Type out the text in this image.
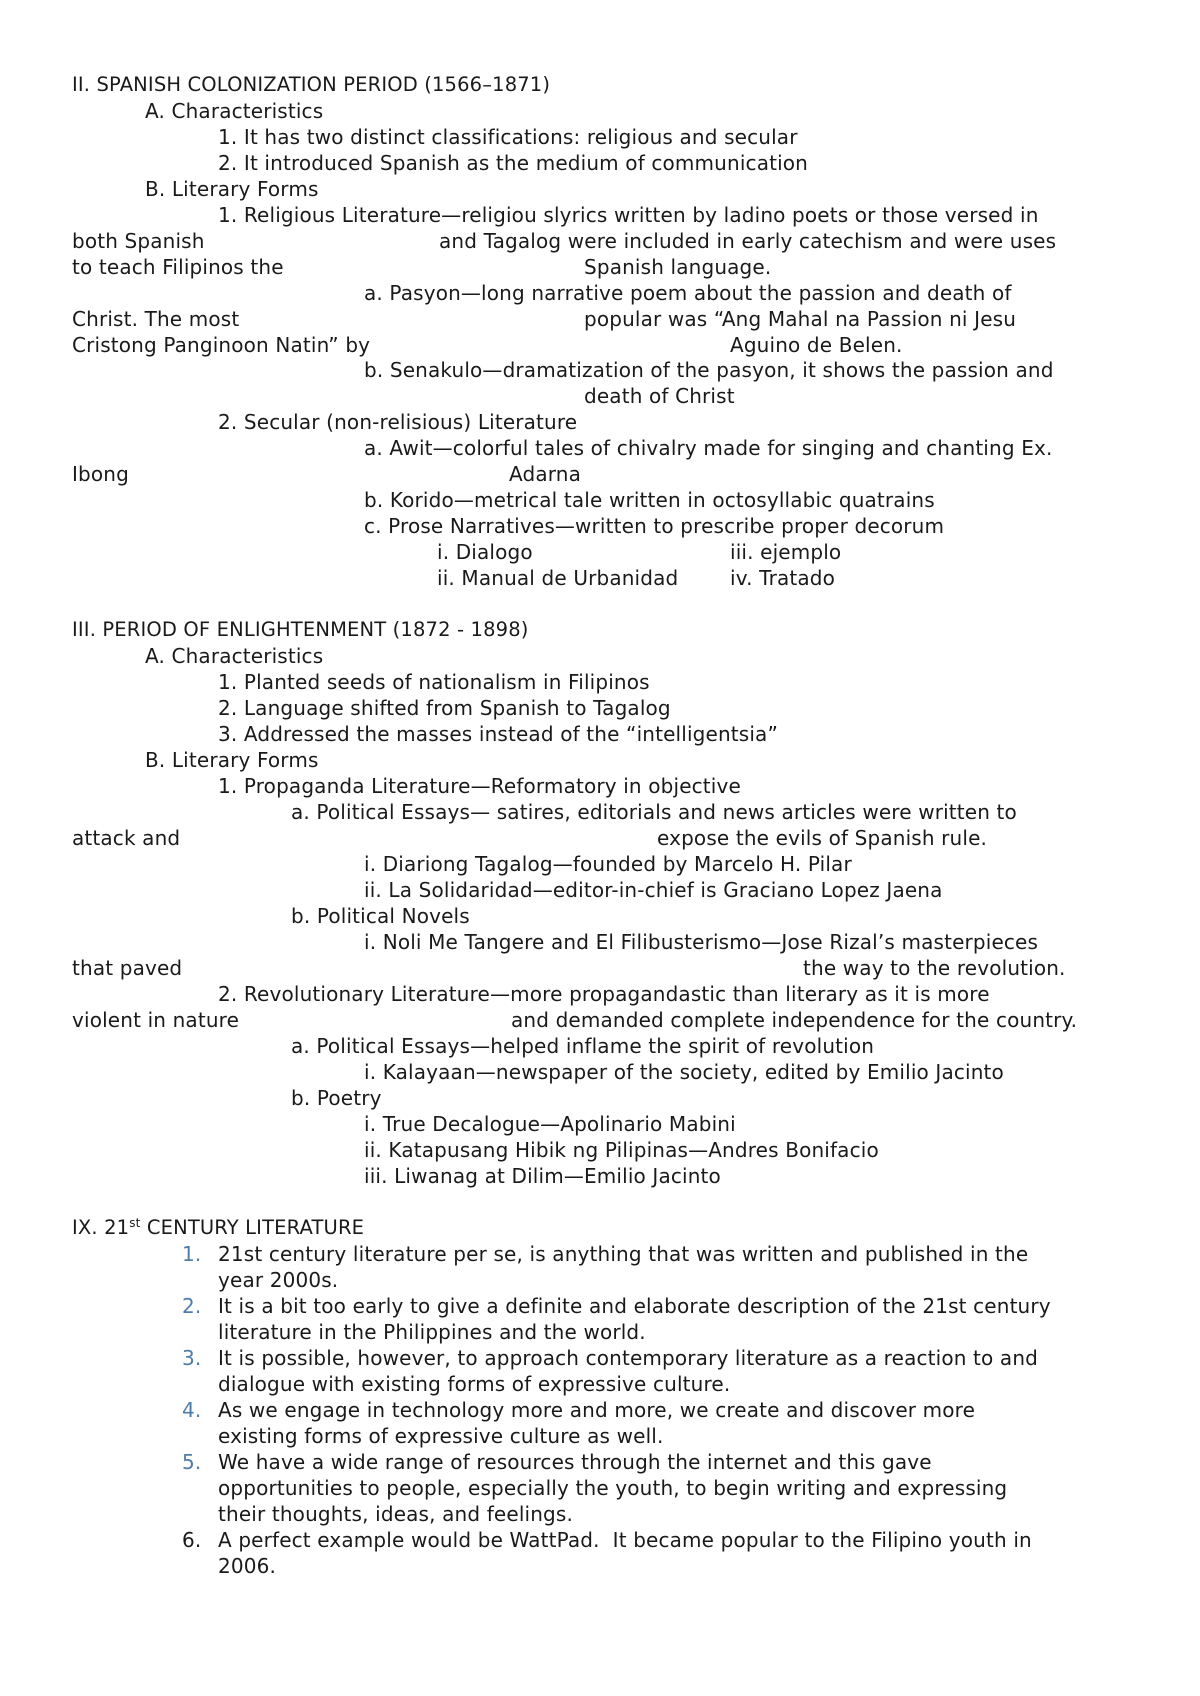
II. SPANISH COLONIZATION PERIOD (1566–1871)
A. Characteristics
1. It has two distinct classifications: religious and secular
2. It introduced Spanish as the medium of communication
B. Literary Forms
1. Religious Literature—religiou slyrics written by ladino poets or those versed in
both Spanish	and Tagalog were included in early catechism and were uses
to teach Filipinos the	Spanish language.
a. Pasyon—long narrative poem about the passion and death of
Christ. The most	popular was “Ang Mahal na Passion ni Jesu
Cristong Panginoon Natin” by	Aguino de Belen.
b. Senakulo—dramatization of the pasyon, it shows the passion and
death of Christ
2. Secular (non-relisious) Literature
a. Awit—colorful tales of chivalry made for singing and chanting Ex.
Ibong	Adarna
b. Korido—metrical tale written in octosyllabic quatrains
c. Prose Narratives—written to prescribe proper decorum
i. Dialogo	iii. ejemplo
ii. Manual de Urbanidad	iv. Tratado
III. PERIOD OF ENLIGHTENMENT (1872 - 1898)
A. Characteristics
1. Planted seeds of nationalism in Filipinos
2. Language shifted from Spanish to Tagalog
3. Addressed the masses instead of the “intelligentsia”
B. Literary Forms
1. Propaganda Literature—Reformatory in objective
a. Political Essays— satires, editorials and news articles were written to
attack and	expose the evils of Spanish rule.
i. Diariong Tagalog—founded by Marcelo H. Pilar
ii. La Solidaridad—editor-in-chief is Graciano Lopez Jaena
b. Political Novels
i. Noli Me Tangere and El Filibusterismo—Jose Rizal’s masterpieces
that paved	the way to the revolution.
2. Revolutionary Literature—more propagandastic than literary as it is more
violent in nature	and demanded complete independence for the country.
a. Political Essays—helped inflame the spirit of revolution
i. Kalayaan—newspaper of the society, edited by Emilio Jacinto
b. Poetry
i. True Decalogue—Apolinario Mabini
ii. Katapusang Hibik ng Pilipinas—Andres Bonifacio
iii. Liwanag at Dilim—Emilio Jacinto
IX. 21st CENTURY LITERATURE
1. 21st century literature per se, is anything that was written and published in the
year 2000s.
2. It is a bit too early to give a definite and elaborate description of the 21st century
literature in the Philippines and the world.
3. It is possible, however, to approach contemporary literature as a reaction to and
dialogue with existing forms of expressive culture.
4. As we engage in technology more and more, we create and discover more
existing forms of expressive culture as well.
5. We have a wide range of resources through the internet and this gave
opportunities to people, especially the youth, to begin writing and expressing
their thoughts, ideas, and feelings.
6. A perfect example would be WattPad.  It became popular to the Filipino youth in
2006.
